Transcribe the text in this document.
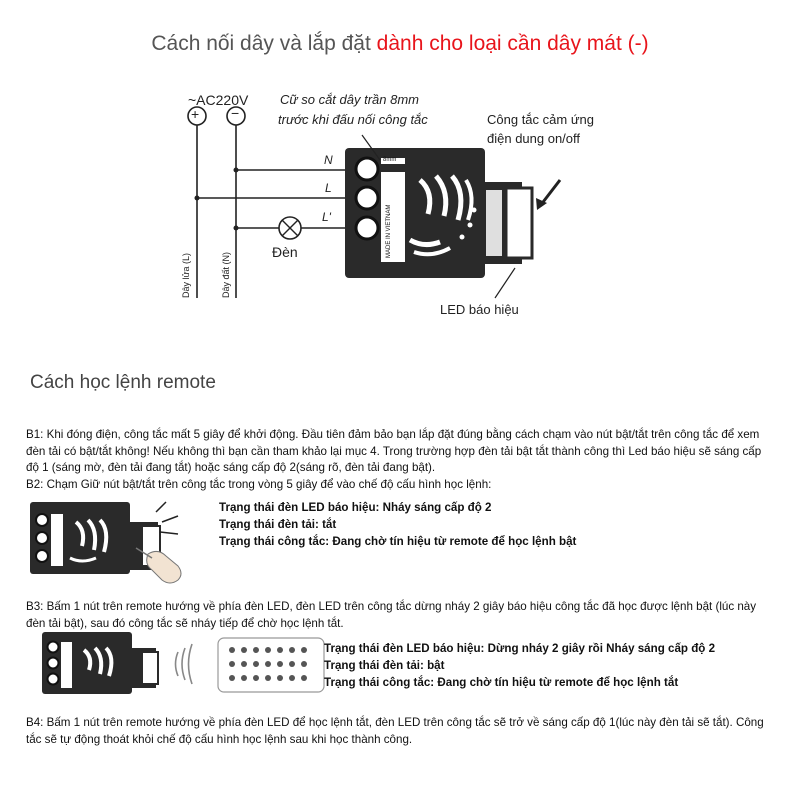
Cách nối dây và lắp đặt dành cho loại cần dây mát (-)
~AC220V
+ −
Cữ so cắt dây trần 8mm
trước khi đấu nối công tắc	Công tắc cảm ứng
điện dung on/off
N
L
L'
Đèn
8mm
MADE IN VIETNAM
Dây lửa (L)	Dây đất (N)
LED báo hiệu
Cách học lệnh remote
B1: Khi đóng điện, công tắc mất 5 giây để khởi động. Đầu tiên đảm bảo bạn lắp đặt đúng bằng cách chạm vào nút bật/tắt trên công tắc để xem đèn tải có bật/tắt không! Nếu không thì bạn cần tham khảo lại mục 4. Trong trường hợp đèn tải bật tắt thành công thì Led báo hiệu sẽ sáng cấp độ 1 (sáng mờ, đèn tải đang tắt) hoặc sáng cấp độ 2(sáng rõ, đèn tải đang bật).
B2: Chạm Giữ nút bật/tắt trên công tắc trong vòng 5 giây để vào chế độ cấu hình học lệnh:
Trạng thái đèn LED báo hiệu: Nháy sáng cấp độ 2
Trạng thái đèn tải: tắt
Trạng thái công tắc: Đang chờ tín hiệu từ remote để học lệnh bật
B3: Bấm 1 nút trên remote hướng về phía đèn LED, đèn LED trên công tắc dừng nháy 2 giây báo hiệu công tắc đã học được lệnh bật (lúc này đèn tải bật), sau đó công tắc sẽ nháy tiếp để chờ học lệnh tắt.
Trạng thái đèn LED báo hiệu: Dừng nháy 2 giây rồi Nháy sáng cấp độ 2
Trạng thái đèn tải: bật
Trạng thái công tắc: Đang chờ tín hiệu từ remote để học lệnh tắt
B4: Bấm 1 nút trên remote hướng về phía đèn LED để học lệnh tắt, đèn LED trên công tắc sẽ trở về sáng cấp độ 1(lúc này đèn tải sẽ tắt). Công tắc sẽ tự động thoát khỏi chế độ cấu hình học lệnh sau khi học thành công.
